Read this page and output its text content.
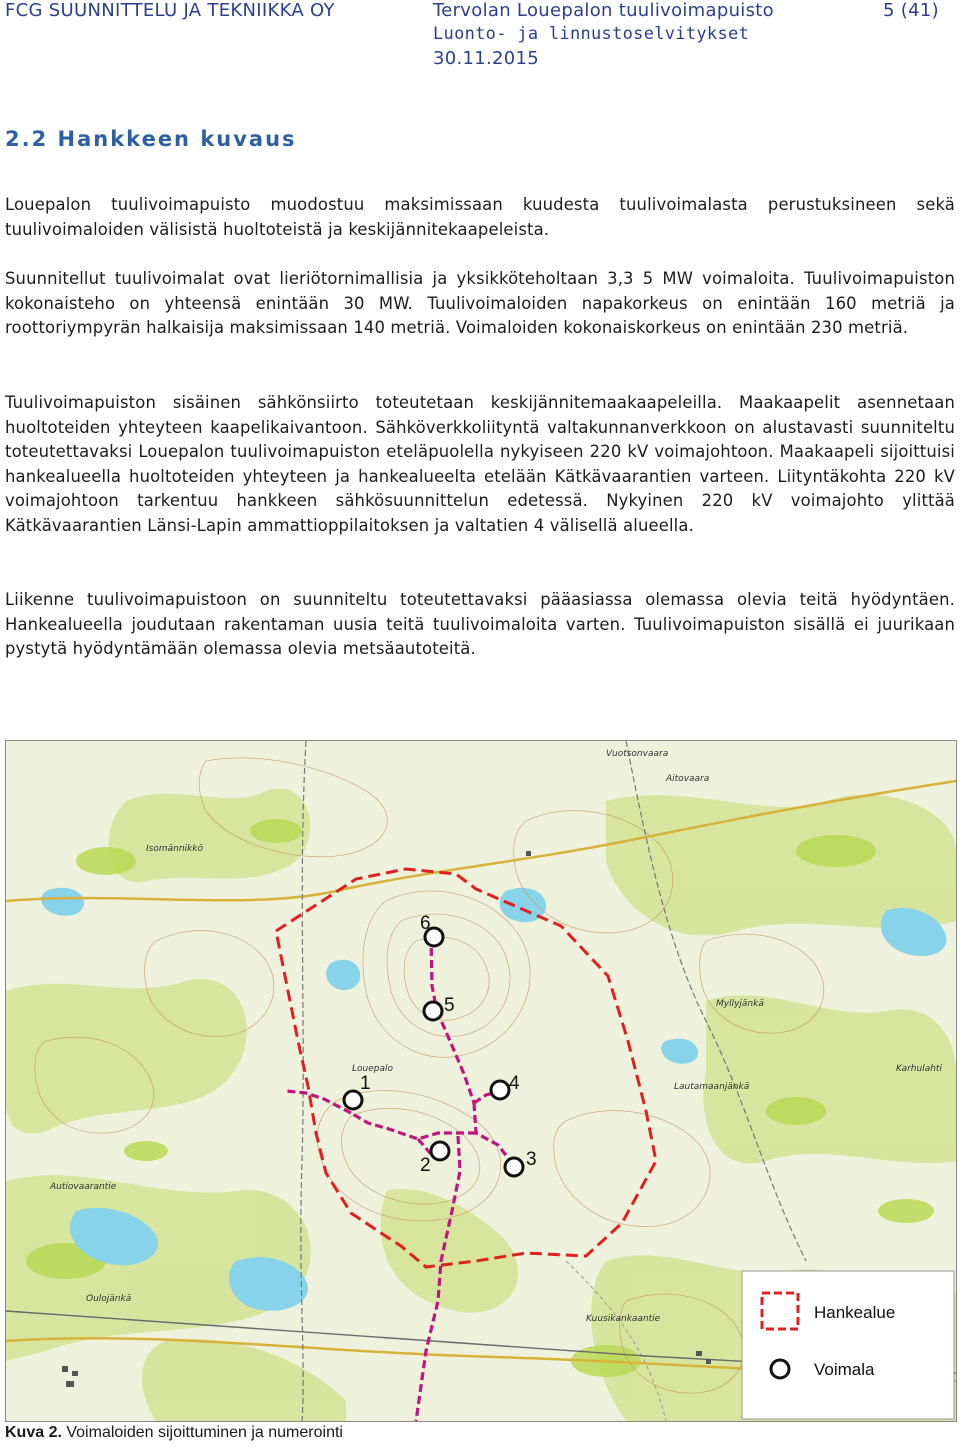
FCG SUUNNITTELU JA TEKNIIKKA OY	Tervolan Louepalon tuulivoimapuisto	5 (41)
Luonto- ja linnustoselvitykset
30.11.2015
2.2 Hankkeen kuvaus

Louepalon tuulivoimapuisto muodostuu maksimissaan kuudesta tuulivoimalasta perustuksineen sekä tuulivoimaloiden välisistä huoltoteistä ja keskijännitekaapeleista.

Suunnitellut tuulivoimalat ovat lieriötornimallisia ja yksikköteholtaan 3,3 5 MW voimaloita. Tuulivoimapuiston kokonaisteho on yhteensä enintään 30 MW. Tuulivoimaloiden napakorkeus on enintään 160 metriä ja roottoriympyrän halkaisija maksimissaan 140 metriä. Voimaloiden kokonaiskorkeus on enintään 230 metriä.

Tuulivoimapuiston sisäinen sähkönsiirto toteutetaan keskijännitemaakaapeleilla. Maakaapelit asennetaan huoltoteiden yhteyteen kaapelikaivantoon. Sähköverkkoliityntä valtakunnanverkkoon on alustavasti suunniteltu toteutettavaksi Louepalon tuulivoimapuiston eteläpuolella nykyiseen 220 kV voimajohtoon. Maakaapeli sijoittuisi hankealueella huoltoteiden yhteyteen ja hankealueelta etelään Kätkävaarantien varteen. Liityntäkohta 220 kV voimajohtoon tarkentuu hankkeen sähkösuunnittelun edetessä. Nykyinen 220 kV voimajohto ylittää Kätkävaarantien Länsi-Lapin ammattioppilaitoksen ja valtatien 4 välisellä alueella.

Liikenne tuulivoimapuistoon on suunniteltu toteutettavaksi pääasiassa olemassa olevia teitä hyödyntäen. Hankealueella joudutaan rakentaman uusia teitä tuulivoimaloita varten. Tuulivoimapuiston sisällä ei juurikaan pystytä hyödyntämään olemassa olevia metsäautoteitä.

6
5
1	4
2	3
Isomännikkö
Louepalo
Oulojänkä
Kuusikankaantie
Aitovaara
Lautamaanjänkä
Myllyjänkä
Karhulahti
Vuotsonvaara
Autiovaarantie
Hankealue
Voimala
Kuva 2. Voimaloiden sijoittuminen ja numerointi
